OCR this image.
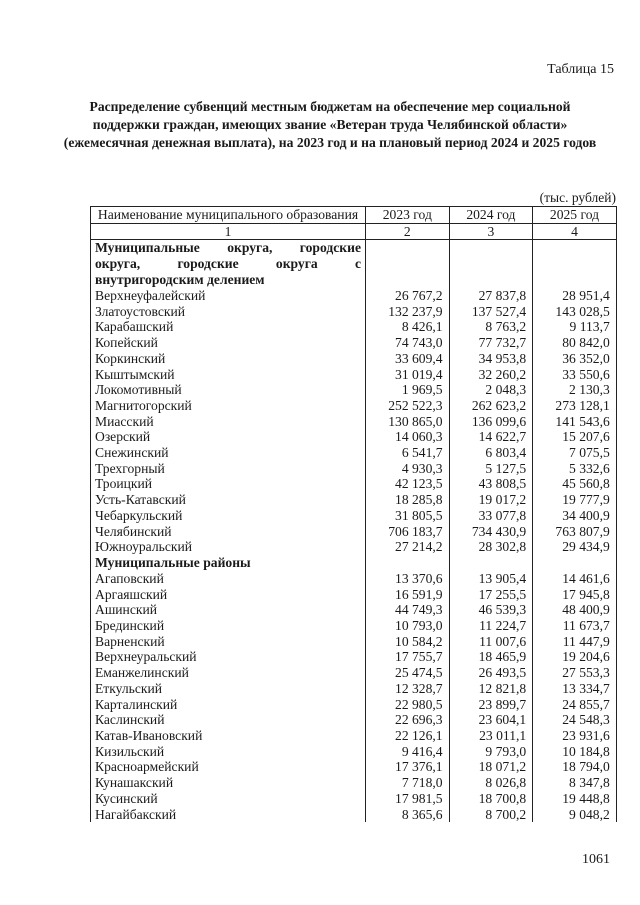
Таблица 15
Распределение субвенций местным бюджетам на обеспечение мер социальной поддержки граждан, имеющих звание «Ветеран труда Челябинской области» (ежемесячная денежная выплата), на 2023 год и на плановый период 2024 и 2025 годов
(тыс. рублей)
Наименование муниципального образования	2023 год	2024 год	2025 год
1	2	3	4
Муниципальные округа, городские округа, городские округа с внутригородским делением			
Верхнеуфалейский	26 767,2	27 837,8	28 951,4
Златоустовский	132 237,9	137 527,4	143 028,5
Карабашский	8 426,1	8 763,2	9 113,7
Копейский	74 743,0	77 732,7	80 842,0
Коркинский	33 609,4	34 953,8	36 352,0
Кыштымский	31 019,4	32 260,2	33 550,6
Локомотивный	1 969,5	2 048,3	2 130,3
Магнитогорский	252 522,3	262 623,2	273 128,1
Миасский	130 865,0	136 099,6	141 543,6
Озерский	14 060,3	14 622,7	15 207,6
Снежинский	6 541,7	6 803,4	7 075,5
Трехгорный	4 930,3	5 127,5	5 332,6
Троицкий	42 123,5	43 808,5	45 560,8
Усть-Катавский	18 285,8	19 017,2	19 777,9
Чебаркульский	31 805,5	33 077,8	34 400,9
Челябинский	706 183,7	734 430,9	763 807,9
Южноуральский	27 214,2	28 302,8	29 434,9
Муниципальные районы			
Агаповский	13 370,6	13 905,4	14 461,6
Аргаяшский	16 591,9	17 255,5	17 945,8
Ашинский	44 749,3	46 539,3	48 400,9
Брединский	10 793,0	11 224,7	11 673,7
Варненский	10 584,2	11 007,6	11 447,9
Верхнеуральский	17 755,7	18 465,9	19 204,6
Еманжелинский	25 474,5	26 493,5	27 553,3
Еткульский	12 328,7	12 821,8	13 334,7
Карталинский	22 980,5	23 899,7	24 855,7
Каслинский	22 696,3	23 604,1	24 548,3
Катав-Ивановский	22 126,1	23 011,1	23 931,6
Кизильский	9 416,4	9 793,0	10 184,8
Красноармейский	17 376,1	18 071,2	18 794,0
Кунашакский	7 718,0	8 026,8	8 347,8
Кусинский	17 981,5	18 700,8	19 448,8
Нагайбакский	8 365,6	8 700,2	9 048,2
1061
